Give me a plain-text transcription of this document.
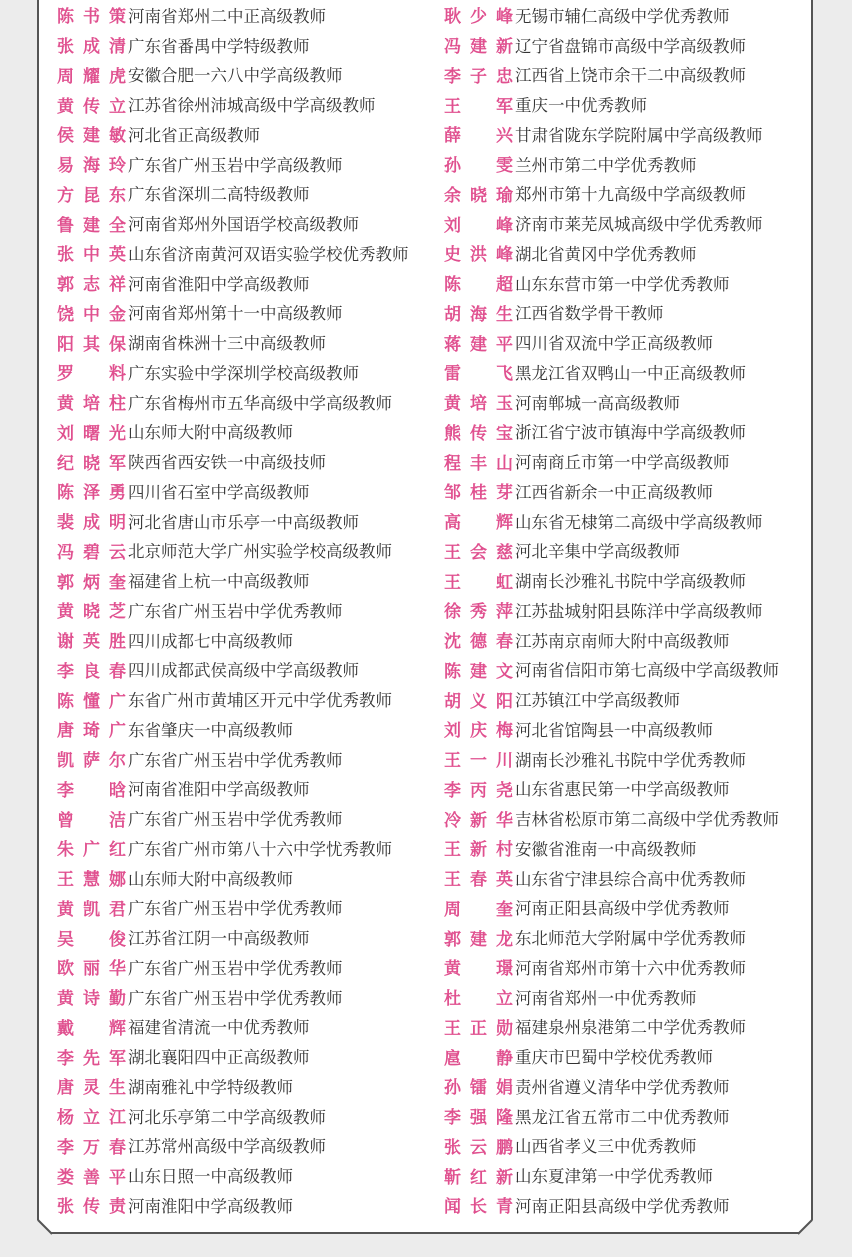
陈书策 河南省郑州二中正高级教师
张成清 广东省番禺中学特级教师
周耀虎 安徽合肥一六八中学高级教师
黄传立 江苏省徐州沛城高级中学高级教师
侯建敏 河北省正高级教师
易海玲 广东省广州玉岩中学高级教师
方昆东 广东省深圳二高特级教师
鲁建全 河南省郑州外国语学校高级教师
张中英 山东省济南黄河双语实验学校优秀教师
郭志祥 河南省淮阳中学高级教师
饶中金 河南省郑州第十一中高级教师
阳其保 湖南省株洲十三中高级教师
罗 料 广东实验中学深圳学校高级教师
黄培柱 广东省梅州市五华高级中学高级教师
刘曙光 山东师大附中高级教师
纪晓军 陕西省西安铁一中高级技师
陈泽勇 四川省石室中学高级教师
裴成明 河北省唐山市乐亭一中高级教师
冯碧云 北京师范大学广州实验学校高级教师
郭炳奎 福建省上杭一中高级教师
黄晓芝 广东省广州玉岩中学优秀教师
谢英胜 四川成都七中高级教师
李良春 四川成都武侯高级中学高级教师
陈懂广 东省广州市黄埔区开元中学优秀教师
唐琦广 东省肇庆一中高级教师
凯萨尔 广东省广州玉岩中学优秀教师
李 晗 河南省准阳中学高级教师
曾 洁 广东省广州玉岩中学优秀教师
朱广红 广东省广州市第八十六中学忧秀教师
王慧娜 山东师大附中高级教师
黄凯君 广东省广州玉岩中学优秀教师
吴 俊 江苏省江阴一中高级教师
欧丽华 广东省广州玉岩中学优秀教师
黄诗勤 广东省广州玉岩中学优秀教师
戴 辉 福建省清流一中优秀教师
李先军 湖北襄阳四中正高级教师
唐灵生 湖南雅礼中学特级教师
杨立江 河北乐亭第二中学高级教师
李万春 江苏常州高级中学高级教师
娄善平 山东日照一中高级教师
张传责 河南淮阳中学高级教师
耿少峰 无锡市辅仁高级中学优秀教师
冯建新 辽宁省盘锦市高级中学高级教师
李子忠 江西省上饶市余干二中高级教师
王 军 重庆一中优秀教师
薛 兴 甘肃省陇东学院附属中学高级教师
孙 雯 兰州市第二中学优秀教师
余晓瑜 郑州市第十九高级中学高级教师
刘 峰 济南市莱芜凤城高级中学优秀教师
史洪峰 湖北省黄冈中学优秀教师
陈 超 山东东营市第一中学优秀教师
胡海生 江西省数学骨干教师
蒋建平 四川省双流中学正高级教师
雷 飞 黑龙江省双鸭山一中正高级教师
黄培玉 河南郸城一高高级教师
熊传宝 浙江省宁波市镇海中学高级教师
程丰山 河南商丘市第一中学高级教师
邹桂芽 江西省新余一中正高级教师
高 辉 山东省无棣第二高级中学高级教师
王会慈 河北辛集中学高级教师
王 虹 湖南长沙雅礼书院中学高级教师
徐秀萍 江苏盐城射阳县陈洋中学高级教师
沈德春 江苏南京南师大附中高级教师
陈建文 河南省信阳市第七高级中学高级教师
胡义阳 江苏镇江中学高级教师
刘庆梅 河北省馆陶县一中高级教师
王一川 湖南长沙雅礼书院中学优秀教师
李丙尧 山东省惠民第一中学高级教师
冷新华 吉林省松原市第二高级中学优秀教师
王新村 安徽省淮南一中高级教师
王春英 山东省宁津县综合高中优秀教师
周 奎 河南正阳县高级中学优秀教师
郭建龙 东北师范大学附属中学优秀教师
黄 璟 河南省郑州市第十六中优秀教师
杜 立 河南省郑州一中优秀教师
王正勋 福建泉州泉港第二中学优秀教师
扈 静 重庆市巴蜀中学校优秀教师
孙镭娟 责州省遵义清华中学优秀教师
李强隆 黑龙江省五常市二中优秀教师
张云鹏 山西省孝义三中优秀教师
靳红新 山东夏津第一中学优秀教师
闻长青 河南正阳县高级中学优秀教师
